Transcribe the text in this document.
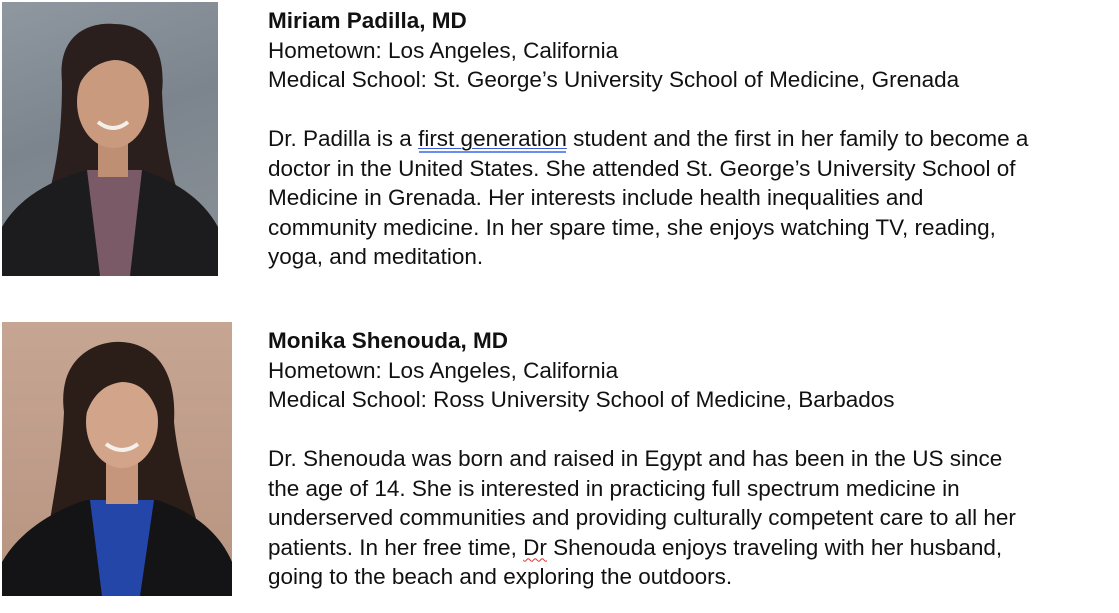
Miriam Padilla, MD
Hometown: Los Angeles, California
Medical School: St. George’s University School of Medicine, Grenada
Dr. Padilla is a first generation student and the first in her family to become a
doctor in the United States. She attended St. George’s University School of
Medicine in Grenada. Her interests include health inequalities and
community medicine. In her spare time, she enjoys watching TV, reading,
yoga, and meditation.
Monika Shenouda, MD
Hometown: Los Angeles, California
Medical School: Ross University School of Medicine, Barbados
Dr. Shenouda was born and raised in Egypt and has been in the US since
the age of 14. She is interested in practicing full spectrum medicine in
underserved communities and providing culturally competent care to all her
patients. In her free time, Dr Shenouda enjoys traveling with her husband,
going to the beach and exploring the outdoors.
